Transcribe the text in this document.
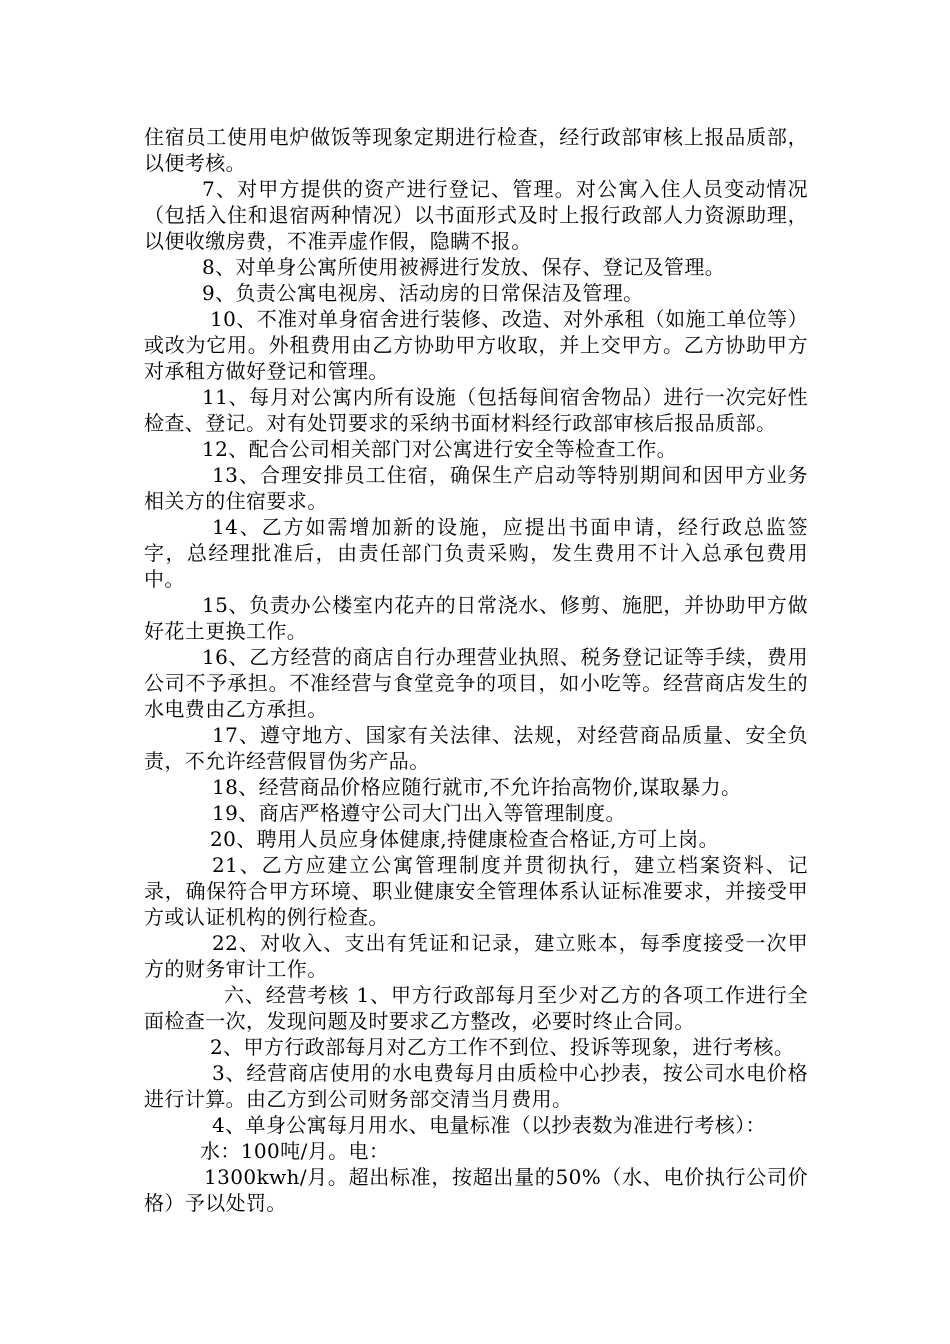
住宿员工使用电炉做饭等现象定期进行检查，经行政部审核上报品质部，以便考核。

7、对甲方提供的资产进行登记、管理。对公寓入住人员变动情况（包括入住和退宿两种情况）以书面形式及时上报行政部人力资源助理，以便收缴房费，不准弄虚作假，隐瞒不报。

8、对单身公寓所使用被褥进行发放、保存、登记及管理。

9、负责公寓电视房、活动房的日常保洁及管理。

10、不准对单身宿舍进行装修、改造、对外承租（如施工单位等）或改为它用。外租费用由乙方协助甲方收取，并上交甲方。乙方协助甲方对承租方做好登记和管理。

11、每月对公寓内所有设施（包括每间宿舍物品）进行一次完好性检查、登记。对有处罚要求的采纳书面材料经行政部审核后报品质部。

12、配合公司相关部门对公寓进行安全等检查工作。

13、合理安排员工住宿，确保生产启动等特别期间和因甲方业务相关方的住宿要求。

14、乙方如需增加新的设施，应提出书面申请，经行政总监签字，总经理批准后，由责任部门负责采购，发生费用不计入总承包费用中。

15、负责办公楼室内花卉的日常浇水、修剪、施肥，并协助甲方做好花土更换工作。

16、乙方经营的商店自行办理营业执照、税务登记证等手续，费用公司不予承担。不准经营与食堂竞争的项目，如小吃等。经营商店发生的水电费由乙方承担。

17、遵守地方、国家有关法律、法规，对经营商品质量、安全负责，不允许经营假冒伪劣产品。

18、经营商品价格应随行就市,不允许抬高物价,谋取暴力。

19、商店严格遵守公司大门出入等管理制度。

20、聘用人员应身体健康,持健康检查合格证,方可上岗。

21、乙方应建立公寓管理制度并贯彻执行，建立档案资料、记录，确保符合甲方环境、职业健康安全管理体系认证标准要求，并接受甲方或认证机构的例行检查。

22、对收入、支出有凭证和记录，建立账本，每季度接受一次甲方的财务审计工作。

六、经营考核 1、甲方行政部每月至少对乙方的各项工作进行全面检查一次，发现问题及时要求乙方整改，必要时终止合同。

2、甲方行政部每月对乙方工作不到位、投诉等现象，进行考核。

3、经营商店使用的水电费每月由质检中心抄表，按公司水电价格进行计算。由乙方到公司财务部交清当月费用。

4、单身公寓每月用水、电量标准（以抄表数为准进行考核）：

水：100吨/月。电：

1300kwh/月。超出标准，按超出量的50%（水、电价执行公司价格）予以处罚。
